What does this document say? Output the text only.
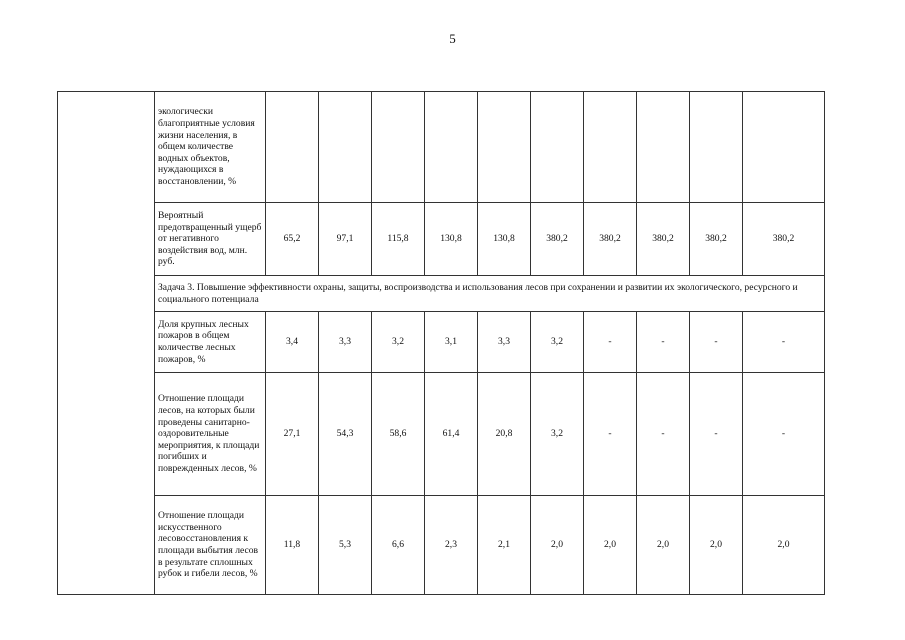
5
	экологически благоприятные условия жизни населения, в общем количестве водных объектов, нуждающихся в восстановлении, %										
	Вероятный предотвращенный ущерб от негативного воздействия вод, млн. руб.	65,2	97,1	115,8	130,8	130,8	380,2	380,2	380,2	380,2	380,2
	Задача 3. Повышение эффективности охраны, защиты, воспроизводства и использования лесов при сохранении и развитии их экологического, ресурсного и социального потенциала										
	Доля крупных лесных пожаров в общем количестве лесных пожаров, %	3,4	3,3	3,2	3,1	3,3	3,2	-	-	-	-
	Отношение площади лесов, на которых были проведены санитарно-оздоровительные мероприятия, к площади погибших и поврежденных лесов, %	27,1	54,3	58,6	61,4	20,8	3,2	-	-	-	-
	Отношение площади искусственного лесовосстановления к площади выбытия лесов в результате сплошных рубок и гибели лесов, %	11,8	5,3	6,6	2,3	2,1	2,0	2,0	2,0	2,0	2,0
